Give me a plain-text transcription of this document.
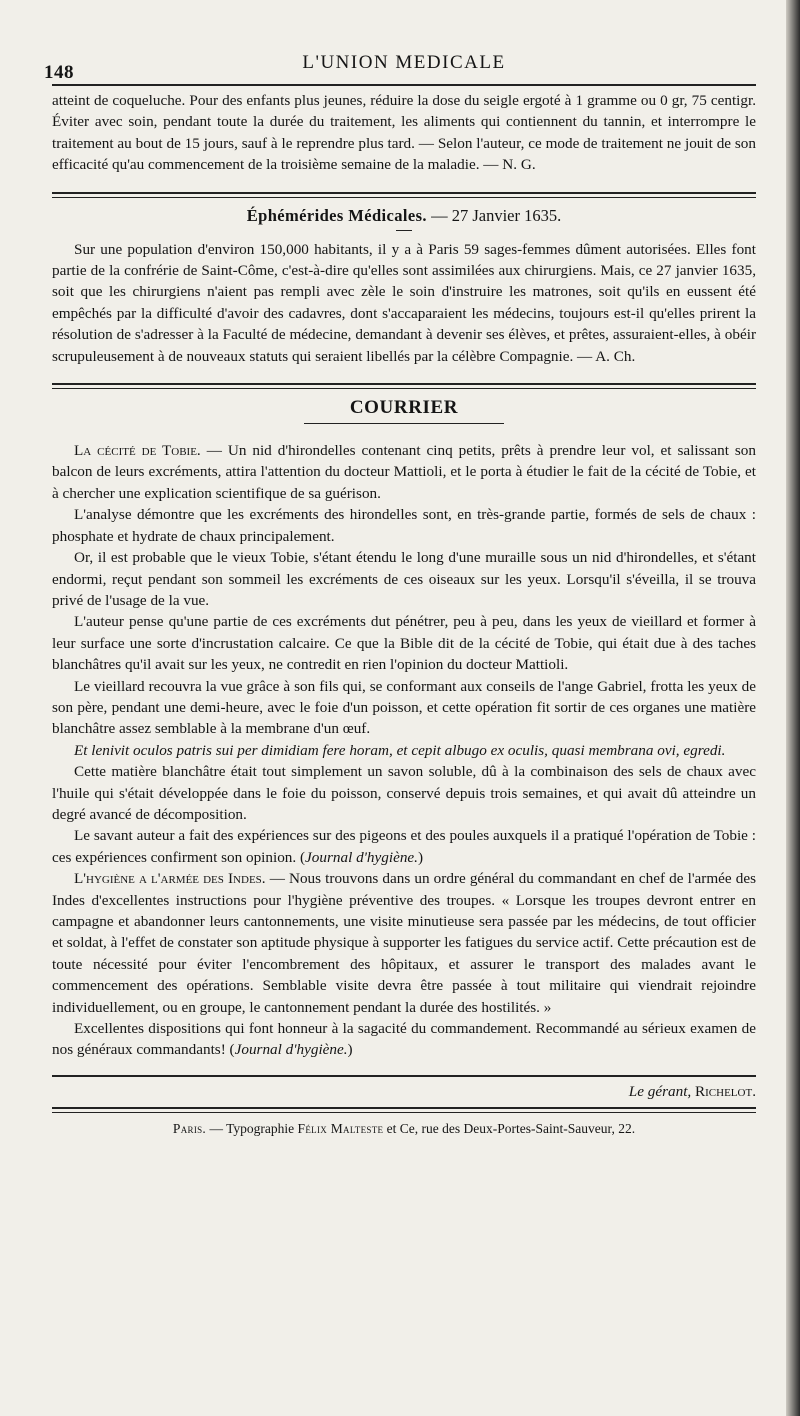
148	L'UNION MEDICALE

atteint de coqueluche. Pour des enfants plus jeunes, réduire la dose du seigle ergoté à 1 gramme ou 0 gr, 75 centigr. Éviter avec soin, pendant toute la durée du traitement, les aliments qui contiennent du tannin, et interrompre le traitement au bout de 15 jours, sauf à le reprendre plus tard. — Selon l'auteur, ce mode de traitement ne jouit de son efficacité qu'au commencement de la troisième semaine de la maladie. — N. G.

Éphémérides Médicales. — 27 Janvier 1635.

Sur une population d'environ 150,000 habitants, il y a à Paris 59 sages-femmes dûment autorisées. Elles font partie de la confrérie de Saint-Côme, c'est-à-dire qu'elles sont assimilées aux chirurgiens. Mais, ce 27 janvier 1635, soit que les chirurgiens n'aient pas rempli avec zèle le soin d'instruire les matrones, soit qu'ils en eussent été empêchés par la difficulté d'avoir des cadavres, dont s'accaparaient les médecins, toujours est-il qu'elles prirent la résolution de s'adresser à la Faculté de médecine, demandant à devenir ses élèves, et prêtes, assuraient-elles, à obéir scrupuleusement à de nouveaux statuts qui seraient libellés par la célèbre Compagnie. — A. Ch.

COURRIER

La cécité de Tobie. — Un nid d'hirondelles contenant cinq petits, prêts à prendre leur vol, et salissant son balcon de leurs excréments, attira l'attention du docteur Mattioli, et le porta à étudier le fait de la cécité de Tobie, et à chercher une explication scientifique de sa guérison.

L'analyse démontre que les excréments des hirondelles sont, en très-grande partie, formés de sels de chaux : phosphate et hydrate de chaux principalement.

Or, il est probable que le vieux Tobie, s'étant étendu le long d'une muraille sous un nid d'hirondelles, et s'étant endormi, reçut pendant son sommeil les excréments de ces oiseaux sur les yeux. Lorsqu'il s'éveilla, il se trouva privé de l'usage de la vue.

L'auteur pense qu'une partie de ces excréments dut pénétrer, peu à peu, dans les yeux de vieillard et former à leur surface une sorte d'incrustation calcaire. Ce que la Bible dit de la cécité de Tobie, qui était due à des taches blanchâtres qu'il avait sur les yeux, ne contredit en rien l'opinion du docteur Mattioli.

Le vieillard recouvra la vue grâce à son fils qui, se conformant aux conseils de l'ange Gabriel, frotta les yeux de son père, pendant une demi-heure, avec le foie d'un poisson, et cette opération fit sortir de ces organes une matière blanchâtre assez semblable à la membrane d'un œuf.

Et lenivit oculos patris sui per dimidiam fere horam, et cepit albugo ex oculis, quasi membrana ovi, egredi.

Cette matière blanchâtre était tout simplement un savon soluble, dû à la combinaison des sels de chaux avec l'huile qui s'était développée dans le foie du poisson, conservé depuis trois semaines, et qui avait dû atteindre un degré avancé de décomposition.

Le savant auteur a fait des expériences sur des pigeons et des poules auxquels il a pratiqué l'opération de Tobie : ces expériences confirment son opinion. (Journal d'hygiène.)

L'hygiène a l'armée des Indes. — Nous trouvons dans un ordre général du commandant en chef de l'armée des Indes d'excellentes instructions pour l'hygiène préventive des troupes. « Lorsque les troupes devront entrer en campagne et abandonner leurs cantonnements, une visite minutieuse sera passée par les médecins, de tout officier et soldat, à l'effet de constater son aptitude physique à supporter les fatigues du service actif. Cette précaution est de toute nécessité pour éviter l'encombrement des hôpitaux, et assurer le transport des malades avant le commencement des opérations. Semblable visite devra être passée à tout militaire qui viendrait rejoindre individuellement, ou en groupe, le cantonnement pendant la durée des hostilités. »

Excellentes dispositions qui font honneur à la sagacité du commandement. Recommandé au sérieux examen de nos généraux commandants! (Journal d'hygiène.)

Le gérant, Richelot.
Paris. — Typographie Félix Malteste et Ce, rue des Deux-Portes-Saint-Sauveur, 22.
